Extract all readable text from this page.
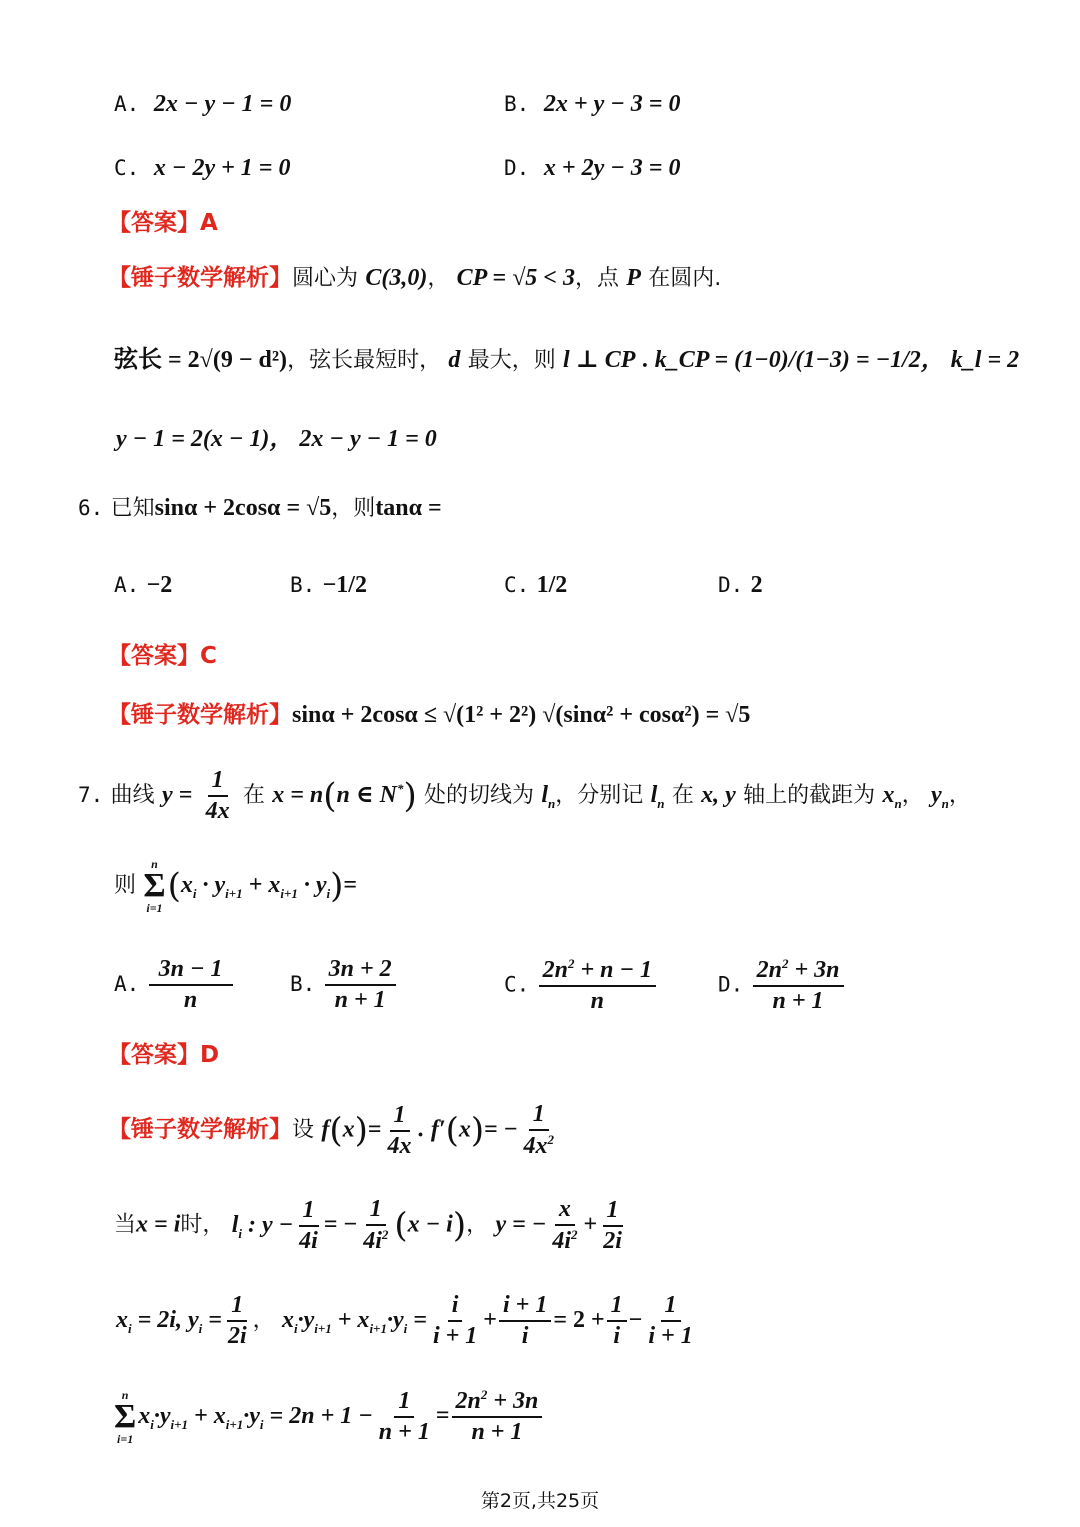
A. 2x − y − 1 = 0	B. 2x + y − 3 = 0
C. x − 2y + 1 = 0	D. x + 2y − 3 = 0
【答案】A
【锤子数学解析】圆心为 C(3,0)， CP = √5 < 3，点 P 在圆内.
弦长 = 2√(9 − d²)，弦长最短时， d 最大，则 l ⊥ CP . k_CP = (1−0)/(1−3) = −1/2， k_l = 2
y − 1 = 2(x − 1)， 2x − y − 1 = 0
6. 已知sinα + 2cosα = √5，则tanα =
A. −2	B. −1/2	C. 1/2	D. 2
【答案】C
【锤子数学解析】sinα + 2cosα ≤ √(1² + 2²) √(sinα² + cosα²) = √5
7. 曲线 $y = \frac{1}{4x}$ 在 x = n(n ∈ N*) 处的切线为 $l_n$，分别记 $l_n$ 在 x, y 轴上的截距为 $x_n$， $y_n$，
则
n
Σ
i=1
$(x_i \cdot y_{i+1} + x_{i+1} \cdot y_i)=$
A. $\frac{3n - 1}{n}$	B. $\frac{3n + 2}{n + 1}$	C. $\frac{2n^2 + n - 1}{n}$	D. $\frac{2n^2 + 3n}{n + 1}$
【答案】D
【锤子数学解析】设 $f(x)= \frac{1}{4x}$ . $f'(x)= - \frac{1}{4x^2}$
当x = i时， $l_i$ : $y - \frac{1}{4i}$ = − $\frac{1}{4i^2} (x - i)$， y = − $\frac{x}{4i^2} + \frac{1}{2i}$
$x_i = 2i$, $y_i = \frac{1}{2i}$ ， $x_i\cdot y_{i+1} + x_{i+1}\cdot y_i = \frac{i}{i + 1} + \frac{i + 1}{i} = 2 + \frac{1}{i} - \frac{1}{i + 1}$
n
Σ
i=1
$x_i\cdot y_{i+1} + x_{i+1}\cdot y_i = 2n + 1 - \frac{1}{n + 1} = \frac{2n^2 + 3n}{n + 1}$
第2页,共25页
